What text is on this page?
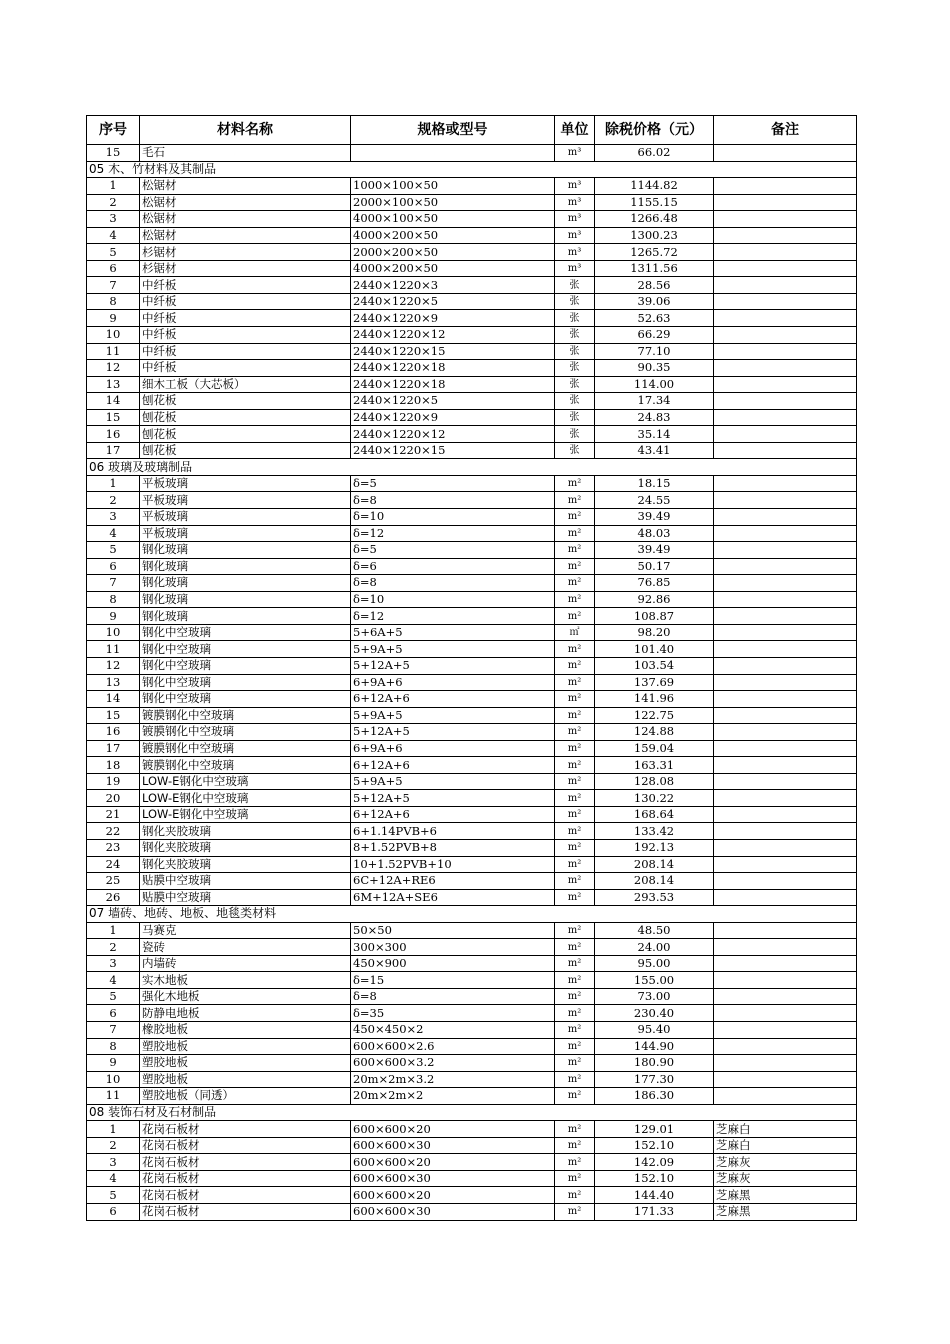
序号	材料名称	规格或型号	单位	除税价格（元）	备注
15	毛石		m³	66.02	
05 木、竹材料及其制品					
1	松锯材	1000×100×50	m³	1144.82	
2	松锯材	2000×100×50	m³	1155.15	
3	松锯材	4000×100×50	m³	1266.48	
4	松锯材	4000×200×50	m³	1300.23	
5	杉锯材	2000×200×50	m³	1265.72	
6	杉锯材	4000×200×50	m³	1311.56	
7	中纤板	2440×1220×3	张	28.56	
8	中纤板	2440×1220×5	张	39.06	
9	中纤板	2440×1220×9	张	52.63	
10	中纤板	2440×1220×12	张	66.29	
11	中纤板	2440×1220×15	张	77.10	
12	中纤板	2440×1220×18	张	90.35	
13	细木工板（大芯板）	2440×1220×18	张	114.00	
14	刨花板	2440×1220×5	张	17.34	
15	刨花板	2440×1220×9	张	24.83	
16	刨花板	2440×1220×12	张	35.14	
17	刨花板	2440×1220×15	张	43.41	
06 玻璃及玻璃制品					
1	平板玻璃	δ=5	m²	18.15	
2	平板玻璃	δ=8	m²	24.55	
3	平板玻璃	δ=10	m²	39.49	
4	平板玻璃	δ=12	m²	48.03	
5	钢化玻璃	δ=5	m²	39.49	
6	钢化玻璃	δ=6	m²	50.17	
7	钢化玻璃	δ=8	m²	76.85	
8	钢化玻璃	δ=10	m²	92.86	
9	钢化玻璃	δ=12	m²	108.87	
10	钢化中空玻璃	5+6A+5	㎡	98.20	
11	钢化中空玻璃	5+9A+5	m²	101.40	
12	钢化中空玻璃	5+12A+5	m²	103.54	
13	钢化中空玻璃	6+9A+6	m²	137.69	
14	钢化中空玻璃	6+12A+6	m²	141.96	
15	镀膜钢化中空玻璃	5+9A+5	m²	122.75	
16	镀膜钢化中空玻璃	5+12A+5	m²	124.88	
17	镀膜钢化中空玻璃	6+9A+6	m²	159.04	
18	镀膜钢化中空玻璃	6+12A+6	m²	163.31	
19	LOW-E钢化中空玻璃	5+9A+5	m²	128.08	
20	LOW-E钢化中空玻璃	5+12A+5	m²	130.22	
21	LOW-E钢化中空玻璃	6+12A+6	m²	168.64	
22	钢化夹胶玻璃	6+1.14PVB+6	m²	133.42	
23	钢化夹胶玻璃	8+1.52PVB+8	m²	192.13	
24	钢化夹胶玻璃	10+1.52PVB+10	m²	208.14	
25	贴膜中空玻璃	6C+12A+RE6	m²	208.14	
26	贴膜中空玻璃	6M+12A+SE6	m²	293.53	
07 墙砖、地砖、地板、地毯类材料					
1	马赛克	50×50	m²	48.50	
2	瓷砖	300×300	m²	24.00	
3	内墙砖	450×900	m²	95.00	
4	实木地板	δ=15	m²	155.00	
5	强化木地板	δ=8	m²	73.00	
6	防静电地板	δ=35	m²	230.40	
7	橡胶地板	450×450×2	m²	95.40	
8	塑胶地板	600×600×2.6	m²	144.90	
9	塑胶地板	600×600×3.2	m²	180.90	
10	塑胶地板	20m×2m×3.2	m²	177.30	
11	塑胶地板（同透）	20m×2m×2	m²	186.30	
08 装饰石材及石材制品					
1	花岗石板材	600×600×20	m²	129.01	芝麻白
2	花岗石板材	600×600×30	m²	152.10	芝麻白
3	花岗石板材	600×600×20	m²	142.09	芝麻灰
4	花岗石板材	600×600×30	m²	152.10	芝麻灰
5	花岗石板材	600×600×20	m²	144.40	芝麻黑
6	花岗石板材	600×600×30	m²	171.33	芝麻黑
